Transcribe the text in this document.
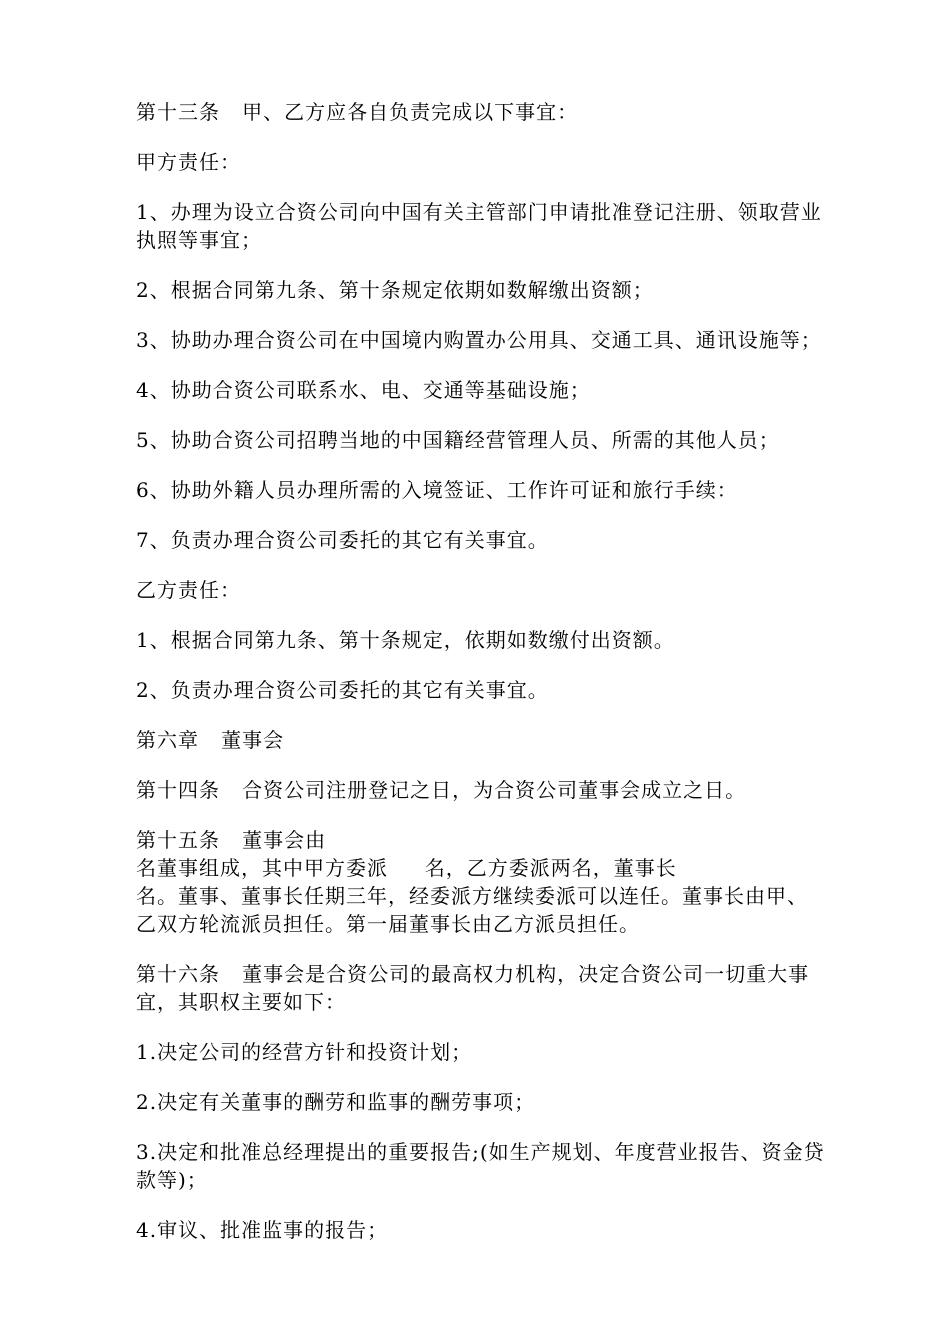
第十三条   甲、乙方应各自负责完成以下事宜：

甲方责任：

1、办理为设立合资公司向中国有关主管部门申请批准登记注册、领取营业执照等事宜；

2、根据合同第九条、第十条规定依期如数解缴出资额；

3、协助办理合资公司在中国境内购置办公用具、交通工具、通讯设施等；

4、协助合资公司联系水、电、交通等基础设施；

5、协助合资公司招聘当地的中国籍经营管理人员、所需的其他人员；

6、协助外籍人员办理所需的入境签证、工作许可证和旅行手续：

7、负责办理合资公司委托的其它有关事宜。

乙方责任：

1、根据合同第九条、第十条规定，依期如数缴付出资额。

2、负责办理合资公司委托的其它有关事宜。

第六章   董事会

第十四条   合资公司注册登记之日，为合资公司董事会成立之日。

第十五条   董事会由

名董事组成，其中甲方委派     名，乙方委派两名，董事长

名。董事、董事长任期三年，经委派方继续委派可以连任。董事长由甲、乙双方轮流派员担任。第一届董事长由乙方派员担任。

第十六条   董事会是合资公司的最高权力机构，决定合资公司一切重大事宜，其职权主要如下：

1.决定公司的经营方针和投资计划；

2.决定有关董事的酬劳和监事的酬劳事项；

3.决定和批准总经理提出的重要报告;(如生产规划、年度营业报告、资金贷款等)；

4.审议、批准监事的报告；
